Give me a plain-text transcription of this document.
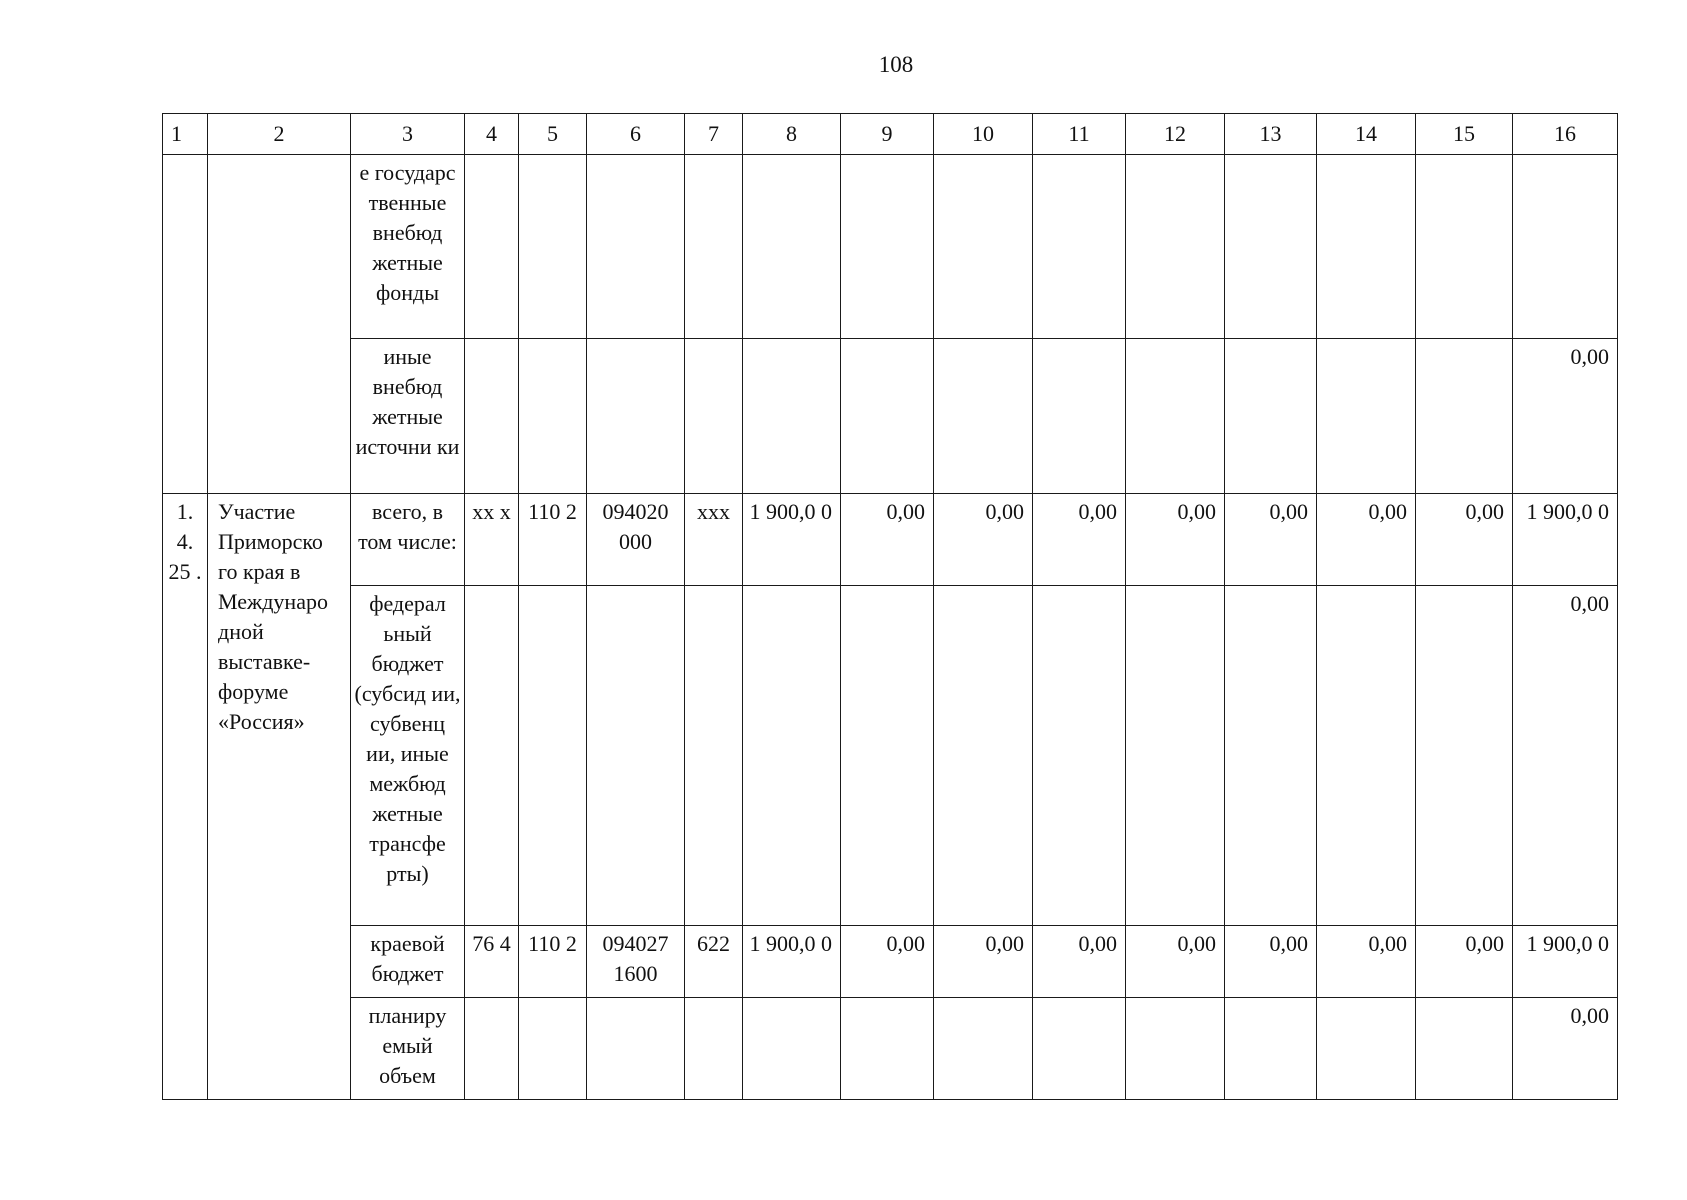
108
1	2	3	4	5	6	7	8	9	10	11	12	13	14	15	16
		е государс твенные внебюд жетные фонды													
		иные внебюд жетные источни ки													0,00
1. 4. 25 .	Участие Приморско го края в Междунаро дной выставке-форуме «Россия»	всего, в том числе:	xx x	110 2	094020 000	xxx	1 900,0 0	0,00	0,00	0,00	0,00	0,00	0,00	0,00	1 900,0 0
		федерал ьный бюджет (субсид ии, субвенц ии, иные межбюд жетные трансфе рты)													0,00
		краевой бюджет	76 4	110 2	094027 1600	622	1 900,0 0	0,00	0,00	0,00	0,00	0,00	0,00	0,00	1 900,0 0
		планиру емый объем													0,00
